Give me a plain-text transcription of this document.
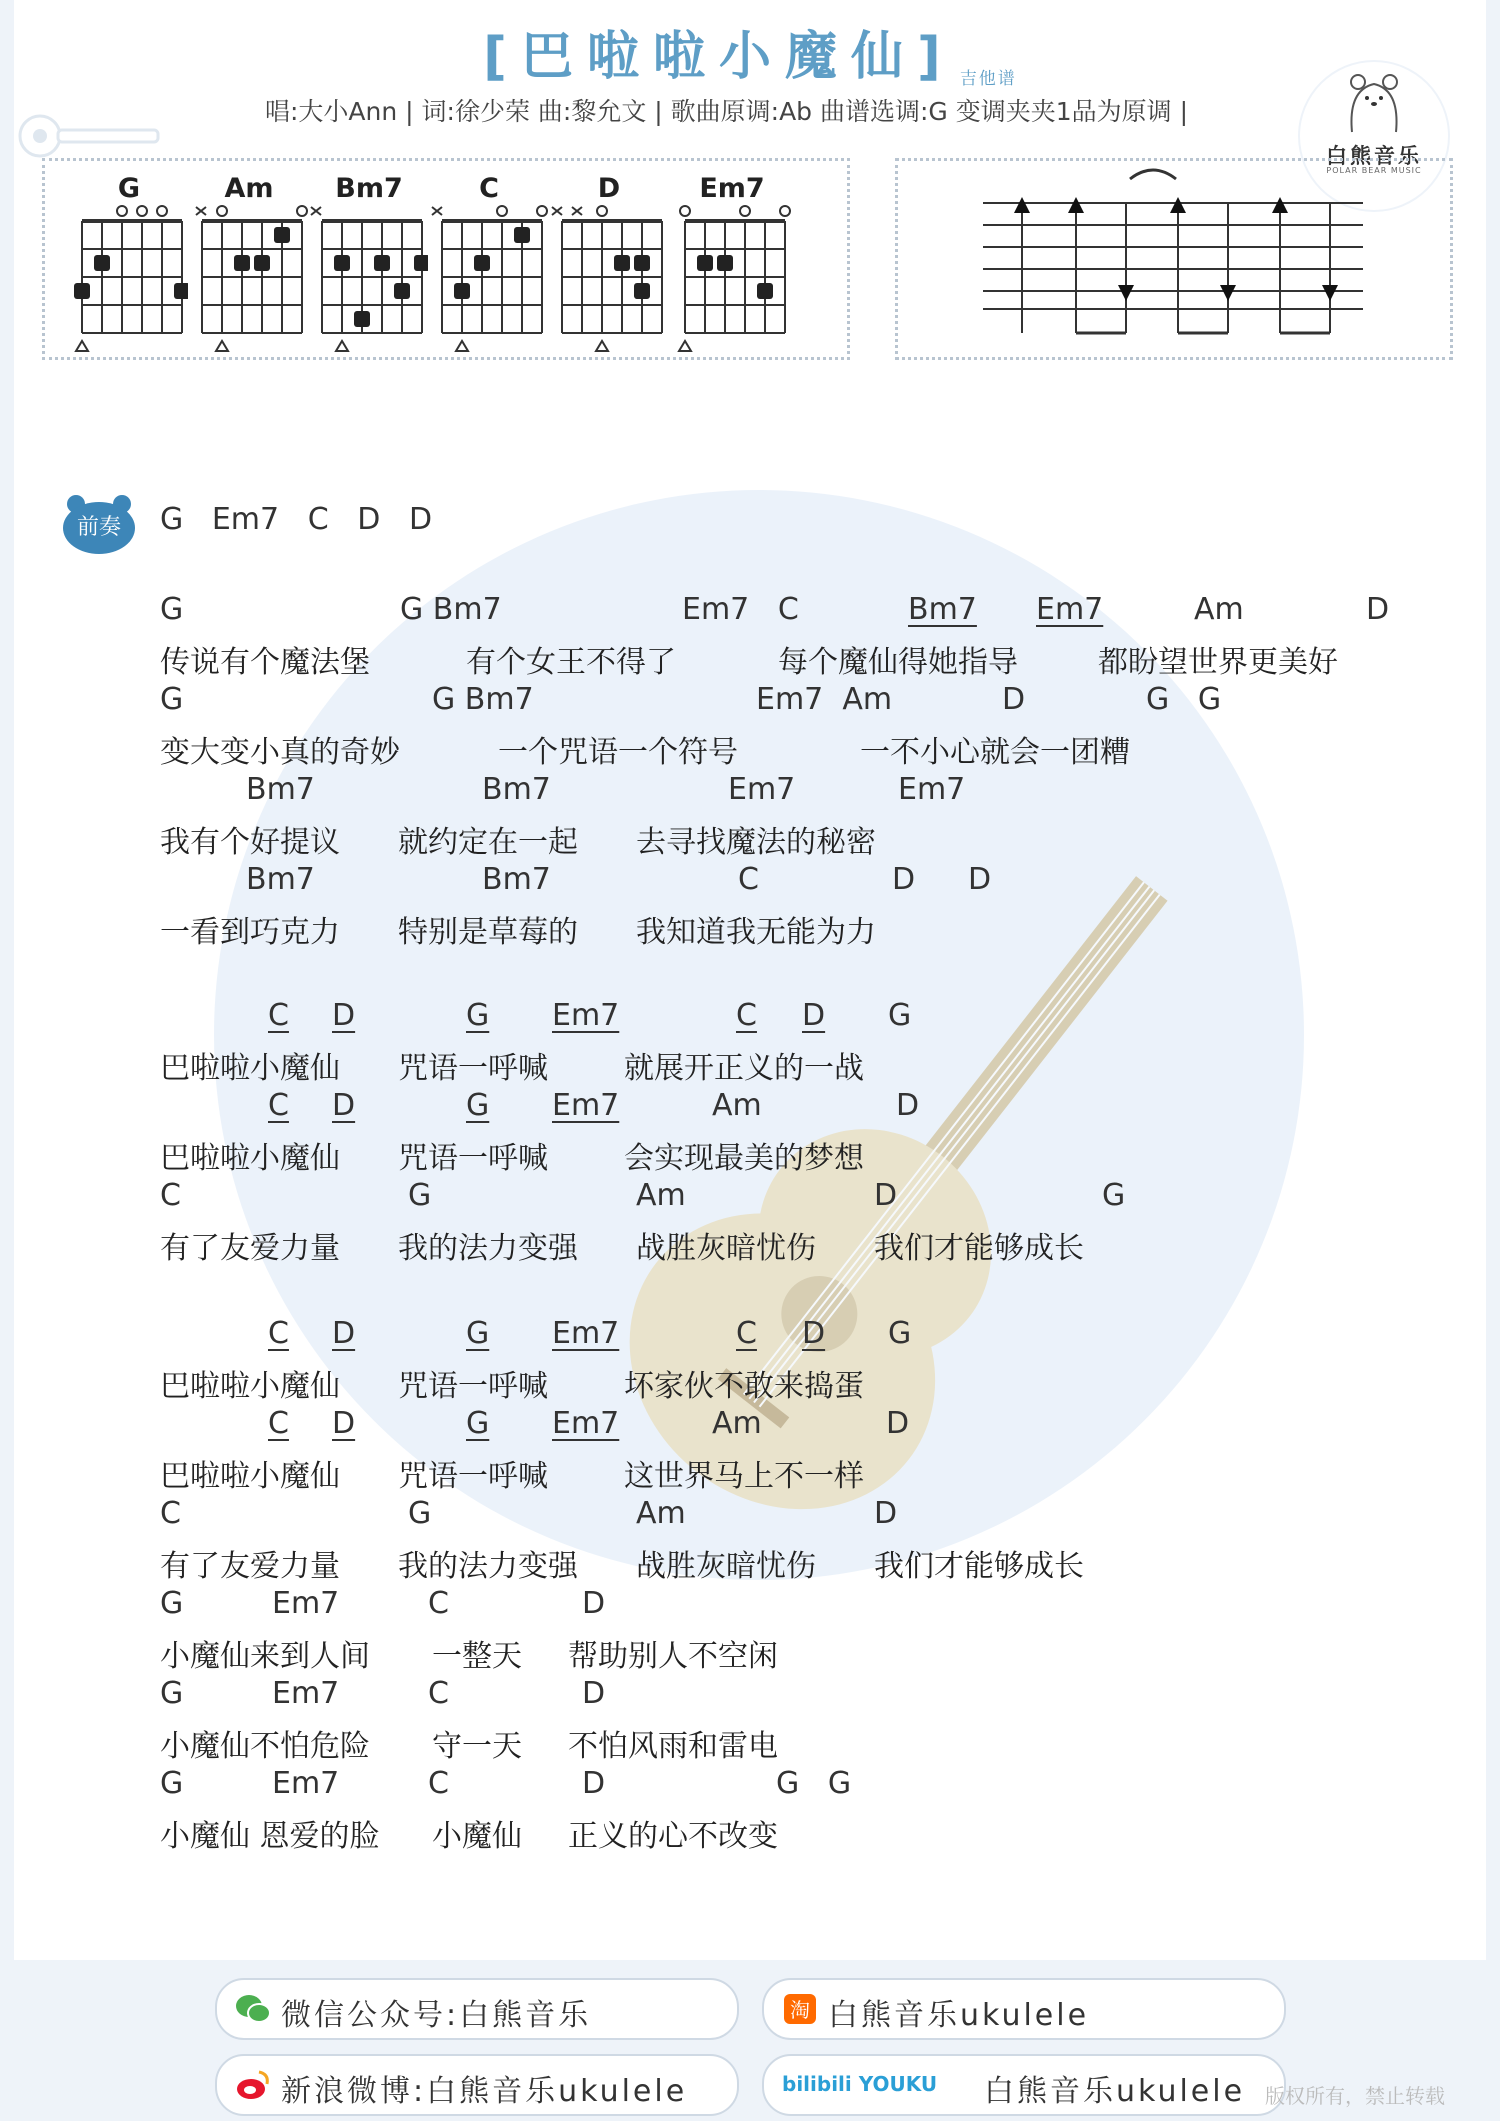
[巴啦啦小魔仙] 吉他谱
唱:大小Ann | 词:徐少荣 曲:黎允文 | 歌曲原调:Ab 曲谱选调:G 变调夹夹1品为原调 |
白熊音乐
POLAR BEAR MUSIC
G	Am	Bm7	C	D	Em7
前奏	G   Em7   C   D   D
G	G Bm7	Em7   C	Bm7 Em7	Am	D
传说有个魔法堡	有个女王不得了	每个魔仙得她指导	都盼望世界更美好
G	G Bm7	Em7  Am	D	G   G
变大变小真的奇妙	一个咒语一个符号	一不小心就会一团糟
Bm7	Bm7	Em7	Em7
我有个好提议 就约定在一起 去寻找魔法的秘密
Bm7	Bm7	C	D D
一看到巧克力 特别是草莓的 我知道我无能为力
C D	G Em7	C D G
巴啦啦小魔仙 咒语一呼喊	就展开正义的一战
C D	G Em7	Am	D
巴啦啦小魔仙 咒语一呼喊	会实现最美的梦想
C	G	Am	D	G
有了友爱力量 我的法力变强 战胜灰暗忧伤 我们才能够成长
C D	G Em7	C D G
巴啦啦小魔仙 咒语一呼喊	坏家伙不敢来捣蛋
C D	G Em7	Am	D
巴啦啦小魔仙 咒语一呼喊	这世界马上不一样
C	G	Am	D
有了友爱力量 我的法力变强 战胜灰暗忧伤 我们才能够成长
G	Em7	C	D
小魔仙来到人间 一整天 帮助别人不空闲
G	Em7	C	D
小魔仙不怕危险 守一天 不怕风雨和雷电
G	Em7	C	D	G   G
小魔仙 恩爱的脸 小魔仙 正义的心不改变
微信公众号:白熊音乐	淘 白熊音乐ukulele
新浪微博:白熊音乐ukulele	bilibili YOUKU 白熊音乐ukulele 版权所有，禁止转载
